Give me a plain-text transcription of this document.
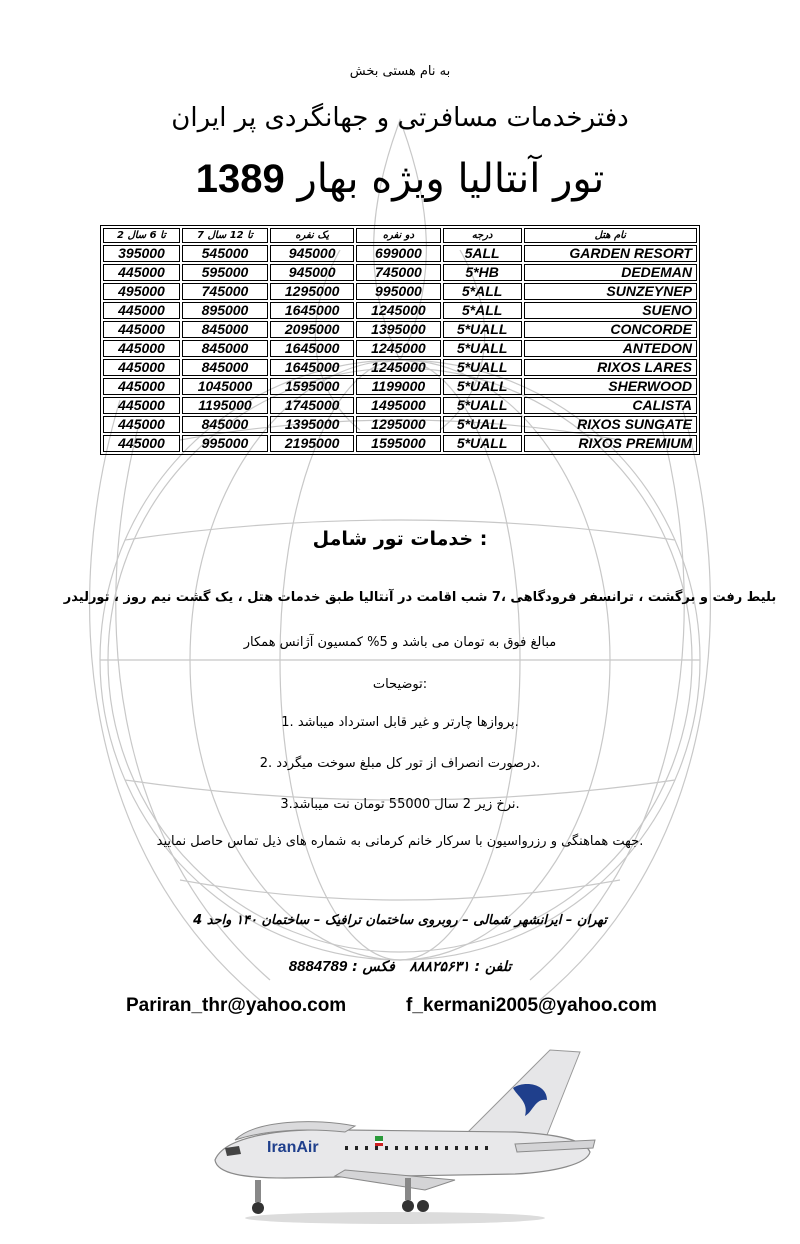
به نام هستی بخش
دفترخدمات مسافرتی و جهانگردی پر ایران
1389 تور آنتالیا ویژه بهار
2 تا 6 سال	7 تا 12 سال	یک نفره	دو نفره	درجه	نام هتل
395000	545000	945000	699000	5ALL	GARDEN RESORT
445000	595000	945000	745000	5*HB	DEDEMAN
495000	745000	1295000	995000	5*ALL	SUNZEYNEP
445000	895000	1645000	1245000	5*ALL	SUENO
445000	845000	2095000	1395000	5*UALL	CONCORDE
445000	845000	1645000	1245000	5*UALL	ANTEDON
445000	845000	1645000	1245000	5*UALL	RIXOS LARES
445000	1045000	1595000	1199000	5*UALL	SHERWOOD
445000	1195000	1745000	1495000	5*UALL	CALISTA
445000	845000	1395000	1295000	5*UALL	RIXOS SUNGATE
445000	995000	2195000	1595000	5*UALL	RIXOS PREMIUM
خدمات تور شامل :
بلیط رفت و برگشت ، ترانسفر فرودگاهی ،7 شب اقامت در آنتالیا طبق خدمات هتل ، یک گشت نیم روز ، تورلیدر
مبالغ فوق به تومان می باشد و 5% کمسیون آژانس همکار
توضیحات:
1. پروازها چارتر و غیر قابل استرداد میباشد.
2. درصورت انصراف از تور کل مبلغ سوخت میگردد.
3.نرخ زیر 2 سال 55000 تومان نت میباشد.
جهت هماهنگی و رزرواسیون با سرکار خانم کرمانی به شماره های ذیل تماس حاصل نمایید.
تهران – ایرانشهر شمالی – روبروی ساختمان ترافیک – ساختمان ۱۴۰ واحد 4
تلفن : ۸۸۸۲۵۶۳۱   فکس : 8884789
Pariran_thr@yahoo.com	f_kermani2005@yahoo.com
IranAir
